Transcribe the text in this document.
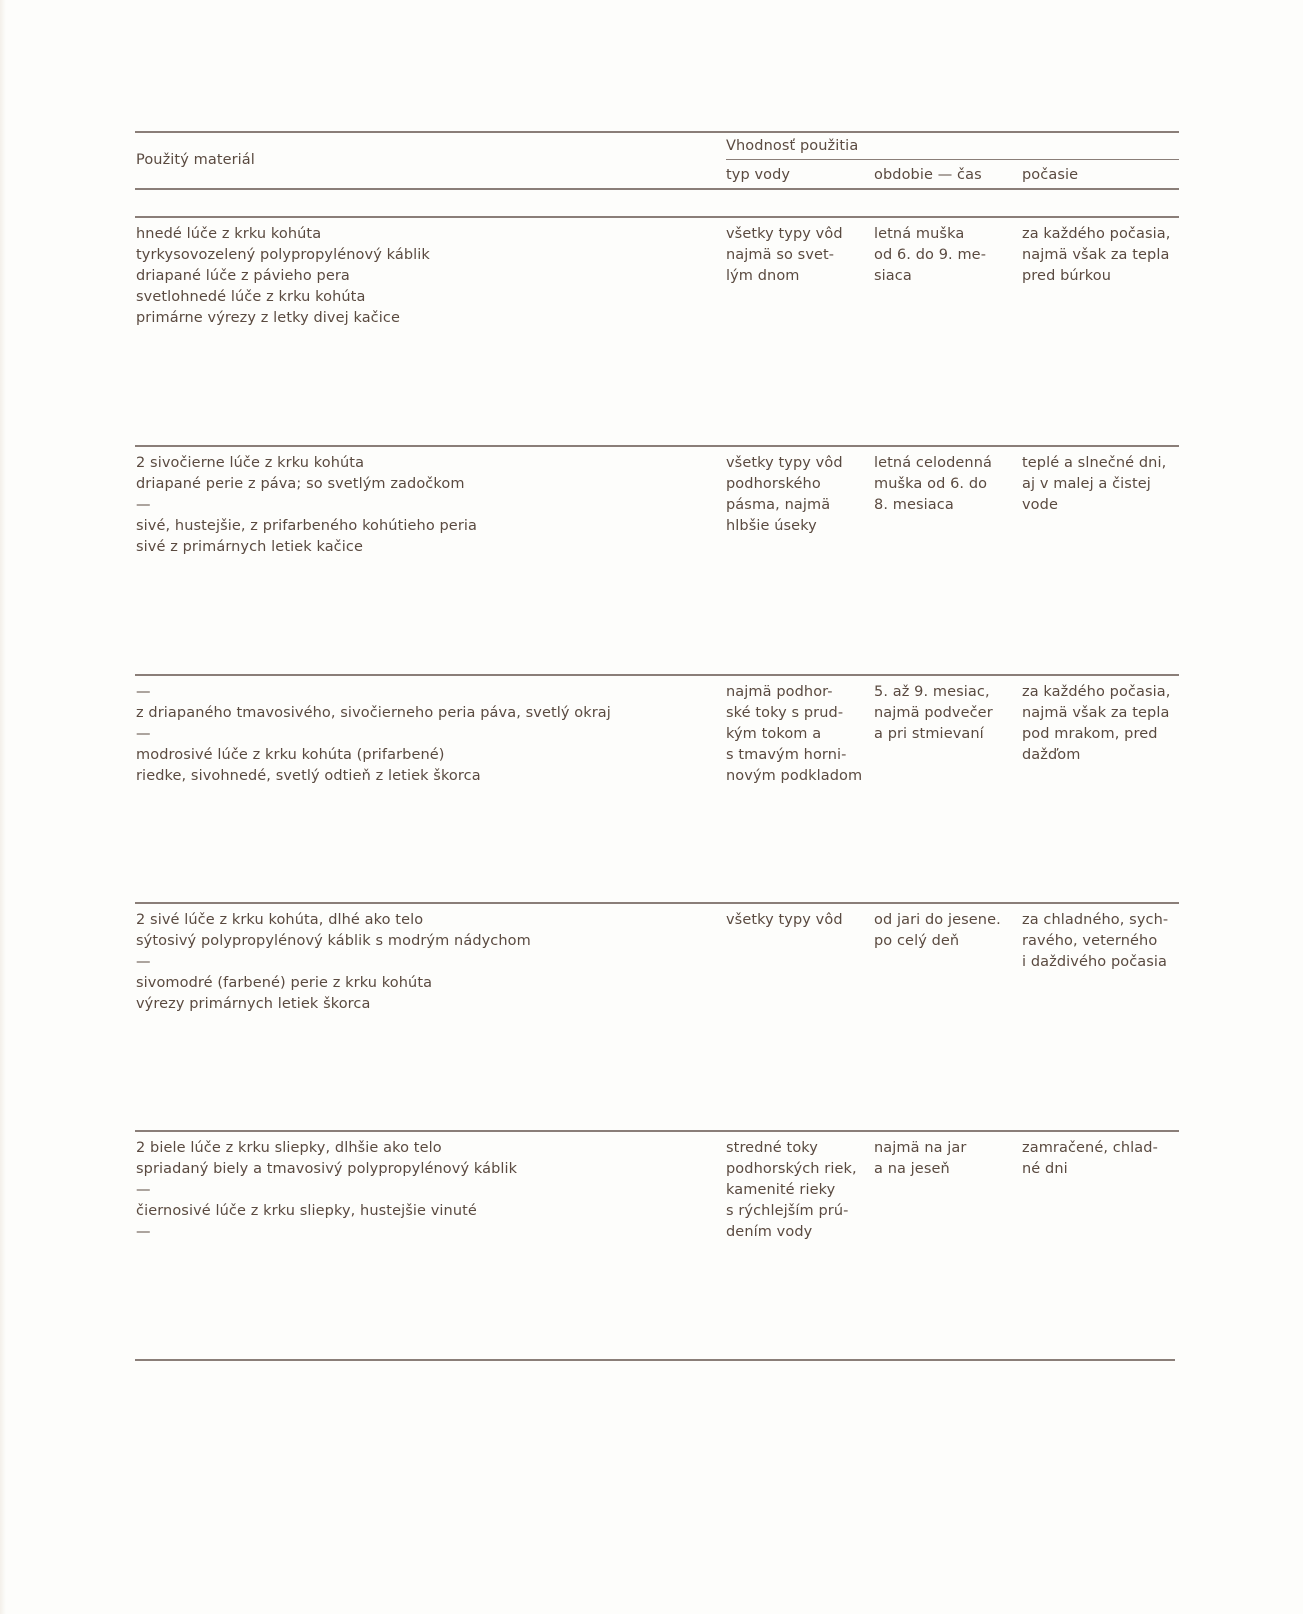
Použitý materiál
Vhodnosť použitia
typ vody	obdobie — čas	počasie
hnedé lúče z krku kohúta
tyrkysovozelený polypropylénový káblik
driapané lúče z pávieho pera
svetlohnedé lúče z krku kohúta
primárne výrezy z letky divej kačice
všetky typy vôd
najmä so svet-
lým dnom
letná muška
od 6. do 9. me-
siaca
za každého počasia,
najmä však za tepla
pred búrkou
2 sivočierne lúče z krku kohúta
driapané perie z páva; so svetlým zadočkom
—
sivé, hustejšie, z prifarbeného kohútieho peria
sivé z primárnych letiek kačice
všetky typy vôd
podhorského
pásma, najmä
hlbšie úseky
letná celodenná
muška od 6. do
8. mesiaca
teplé a slnečné dni,
aj v malej a čistej
vode
—
z driapaného tmavosivého, sivočierneho peria páva, svetlý okraj
—
modrosivé lúče z krku kohúta (prifarbené)
riedke, sivohnedé, svetlý odtieň z letiek škorca
najmä podhor-
ské toky s prud-
kým tokom a
s tmavým horni-
novým podkladom
5. až 9. mesiac,
najmä podvečer
a pri stmievaní
za každého počasia,
najmä však za tepla
pod mrakom, pred
dažďom
2 sivé lúče z krku kohúta, dlhé ako telo
sýtosivý polypropylénový káblik s modrým nádychom
—
sivomodré (farbené) perie z krku kohúta
výrezy primárnych letiek škorca
všetky typy vôd od jari do jesene.
po celý deň
za chladného, sych-
ravého, veterného
i daždivého počasia
2 biele lúče z krku sliepky, dlhšie ako telo
spriadaný biely a tmavosivý polypropylénový káblik
—
čiernosivé lúče z krku sliepky, hustejšie vinuté
—
stredné toky
podhorských riek,
kamenité rieky
s rýchlejším prú-
dením vody
najmä na jar
a na jeseň
zamračené, chlad-
né dni
